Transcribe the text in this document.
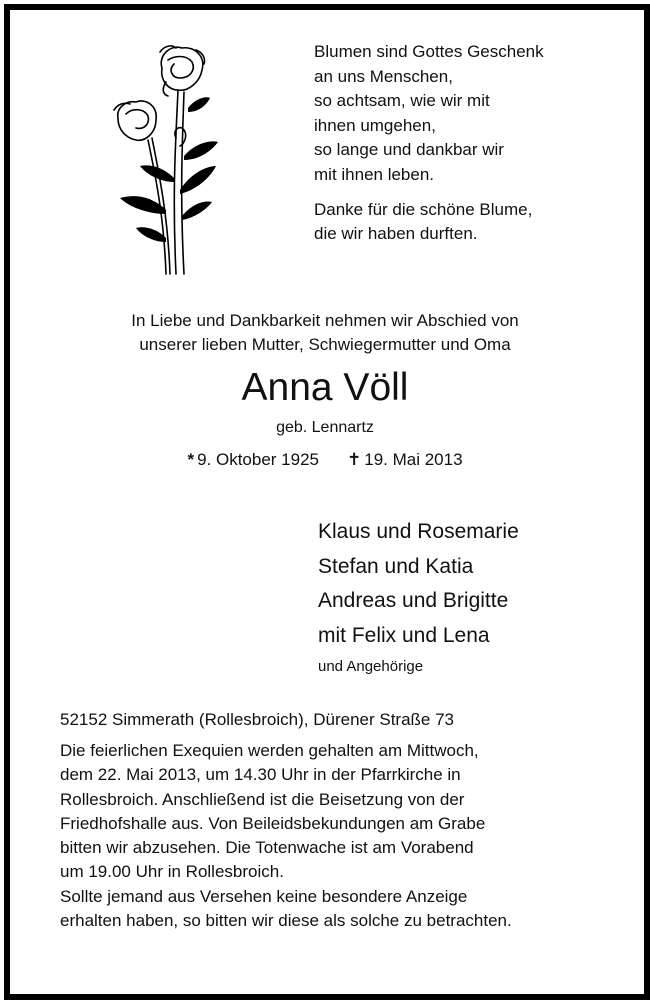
Blumen sind Gottes Geschenk
an uns Menschen,
so achtsam, wie wir mit
ihnen umgehen,
so lange und dankbar wir
mit ihnen leben.
Danke für die schöne Blume,
die wir haben durften.
In Liebe und Dankbarkeit nehmen wir Abschied von
unserer lieben Mutter, Schwiegermutter und Oma
Anna Völl
geb. Lennartz
* 9. Oktober 1925 ✝ 19. Mai 2013
Klaus und Rosemarie
Stefan und Katia
Andreas und Brigitte
mit Felix und Lena
und Angehörige
52152 Simmerath (Rollesbroich), Dürener Straße 73
Die feierlichen Exequien werden gehalten am Mittwoch,
dem 22. Mai 2013, um 14.30 Uhr in der Pfarrkirche in
Rollesbroich. Anschließend ist die Beisetzung von der
Friedhofshalle aus. Von Beileidsbekundungen am Grabe
bitten wir abzusehen. Die Totenwache ist am Vorabend
um 19.00 Uhr in Rollesbroich.
Sollte jemand aus Versehen keine besondere Anzeige
erhalten haben, so bitten wir diese als solche zu betrachten.
